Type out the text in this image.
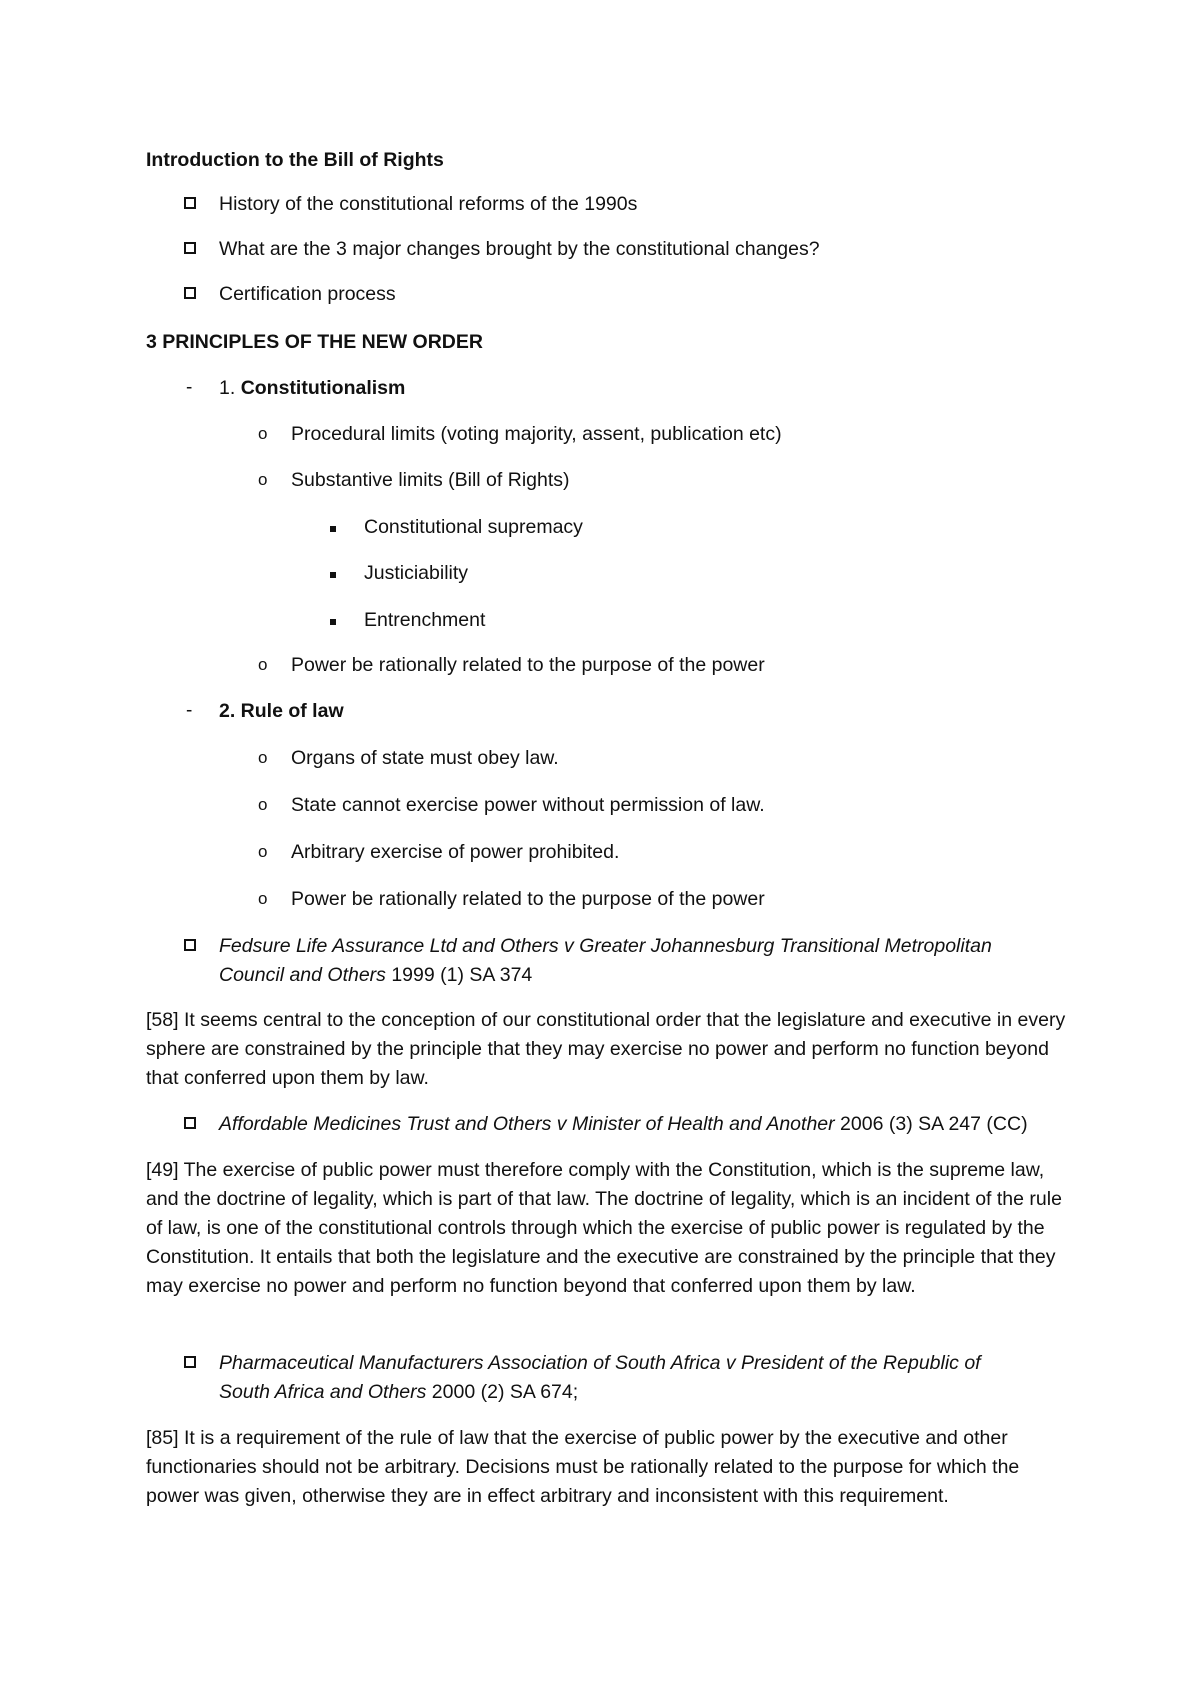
Introduction to the Bill of Rights
History of the constitutional reforms of the 1990s
What are the 3 major changes brought by the constitutional changes?
Certification process
3 PRINCIPLES OF THE NEW ORDER
- 1. Constitutionalism
o Procedural limits (voting majority, assent, publication etc)
o Substantive limits (Bill of Rights)
Constitutional supremacy
Justiciability
Entrenchment
o Power be rationally related to the purpose of the power
- 2. Rule of law
o Organs of state must obey law.
o State cannot exercise power without permission of law.
o Arbitrary exercise of power prohibited.
o Power be rationally related to the purpose of the power
Fedsure Life Assurance Ltd and Others v Greater Johannesburg Transitional Metropolitan
Council and Others 1999 (1) SA 374
[58] It seems central to the conception of our constitutional order that the legislature and executive in every sphere are constrained by the principle that they may exercise no power and perform no function beyond that conferred upon them by law.
Affordable Medicines Trust and Others v Minister of Health and Another 2006 (3) SA 247 (CC)
[49] The exercise of public power must therefore comply with the Constitution, which is the supreme law, and the doctrine of legality, which is part of that law. The doctrine of legality, which is an incident of the rule of law, is one of the constitutional controls through which the exercise of public power is regulated by the Constitution. It entails that both the legislature and the executive are constrained by the principle that they may exercise no power and perform no function beyond that conferred upon them by law.
Pharmaceutical Manufacturers Association of South Africa v President of the Republic of
South Africa and Others 2000 (2) SA 674;
[85] It is a requirement of the rule of law that the exercise of public power by the executive and other functionaries should not be arbitrary. Decisions must be rationally related to the purpose for which the power was given, otherwise they are in effect arbitrary and inconsistent with this requirement.
